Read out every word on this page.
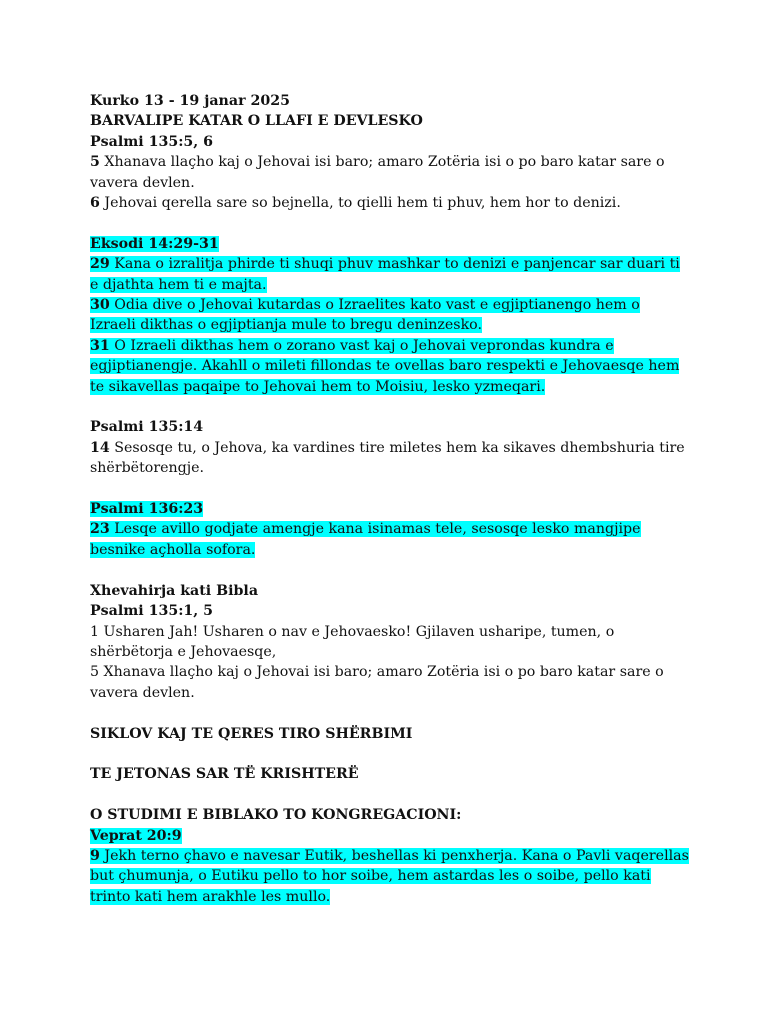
Kurko 13 - 19 janar 2025

BARVALIPE KATAR O LLAFI E DEVLESKO

Psalmi 135:5, 6

5 Xhanava llaçho kaj o Jehovai isi baro; amaro Zotëria isi o po baro katar sare o vavera devlen.

6 Jehovai qerella sare so bejnella, to qielli hem ti phuv, hem hor to denizi.

Eksodi 14:29-31

29 Kana o izralitja phirde ti shuqi phuv mashkar to denizi e panjencar sar duari ti e djathta hem ti e majta.

30 Odia dive o Jehovai kutardas o Izraelites kato vast e egjiptianengo hem o Izraeli dikthas o egjiptianja mule to bregu deninzesko.

31 O Izraeli dikthas hem o zorano vast kaj o Jehovai veprondas kundra e egjiptianengje. Akahll o mileti fillondas te ovellas baro respekti e Jehovaesqe hem te sikavellas paqaipe to Jehovai hem to Moisiu, lesko yzmeqari.

Psalmi 135:14

14 Sesosqe tu, o Jehova, ka vardines tire miletes hem ka sikaves dhembshuria tire shërbëtorengje.

Psalmi 136:23

23 Lesqe avillo godjate amengje kana isinamas tele, sesosqe lesko mangjipe besnike açholla sofora.

Xhevahirja kati Bibla

Psalmi 135:1, 5

1 Usharen Jah! Usharen o nav e Jehovaesko! Gjilaven usharipe, tumen, o shërbëtorja e Jehovaesqe,

5 Xhanava llaçho kaj o Jehovai isi baro; amaro Zotëria isi o po baro katar sare o vavera devlen.

SIKLOV KAJ TE QERES TIRO SHËRBIMI

TE JETONAS SAR TË KRISHTERË

O STUDIMI E BIBLAKO TO KONGREGACIONI:

Veprat 20:9

9 Jekh terno çhavo e navesar Eutik, beshellas ki penxherja. Kana o Pavli vaqerellas but çhumunja, o Eutiku pello to hor soibe, hem astardas les o soibe, pello kati trinto kati hem arakhle les mullo.
